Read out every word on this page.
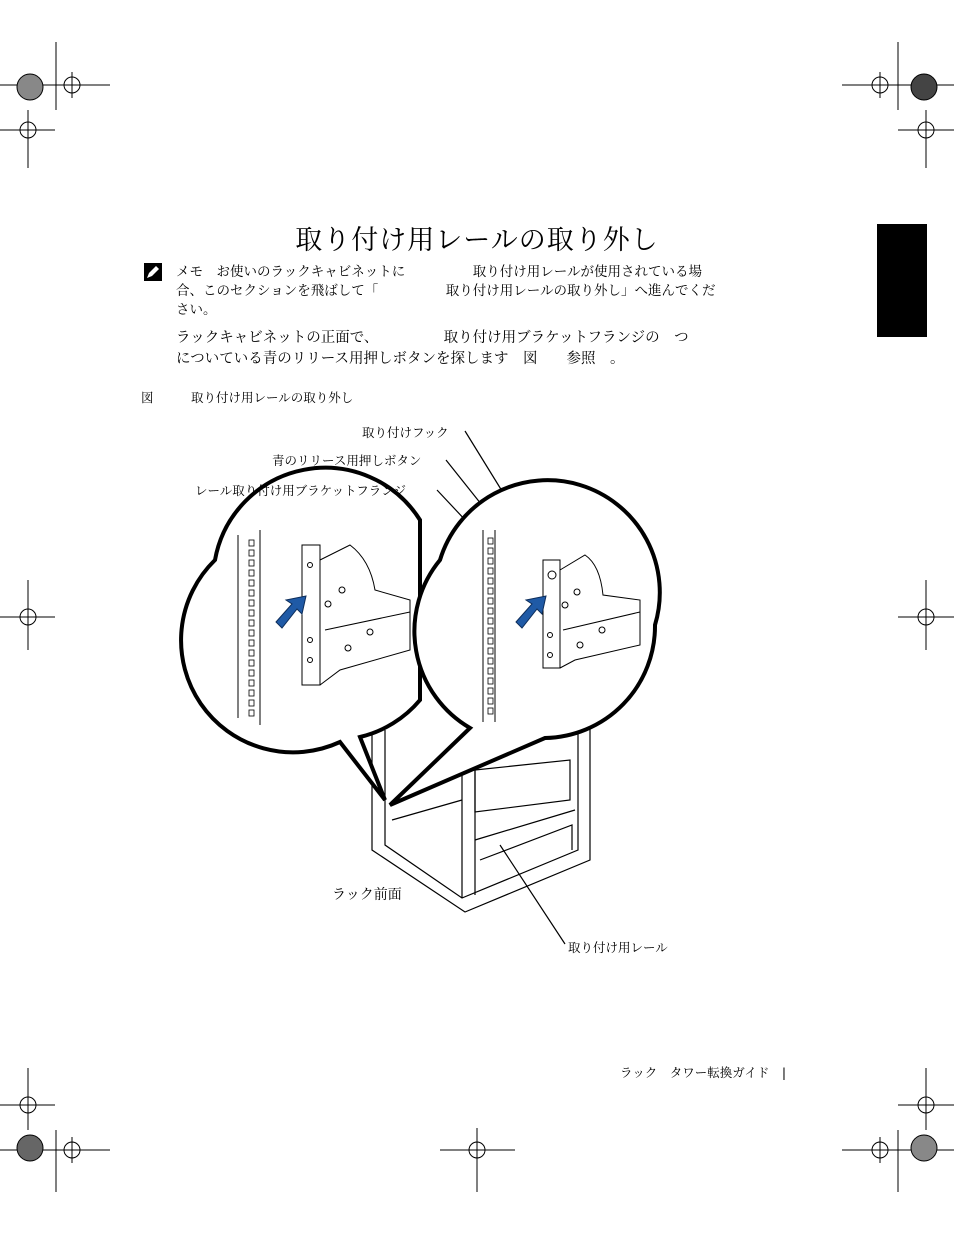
取り付け用レールの取り外し
メモ　お使いのラックキャビネットに　　　　　取り付け用レールが使用されている場
合、このセクションを飛ばして「　　　　　取り付け用レールの取り外し」へ進んでくだ
さい。
ラックキャビネットの正面で、　　　　　取り付け用ブラケットフランジの　つ
についている青のリリース用押しボタンを探します　図　　参照　。
図　　　取り付け用レールの取り外し
取り付けフック
青のリリース用押しボタン
レール取り付け用ブラケットフランジ
ラック前面
取り付け用レール
ラック　タワー転換ガイド　|
